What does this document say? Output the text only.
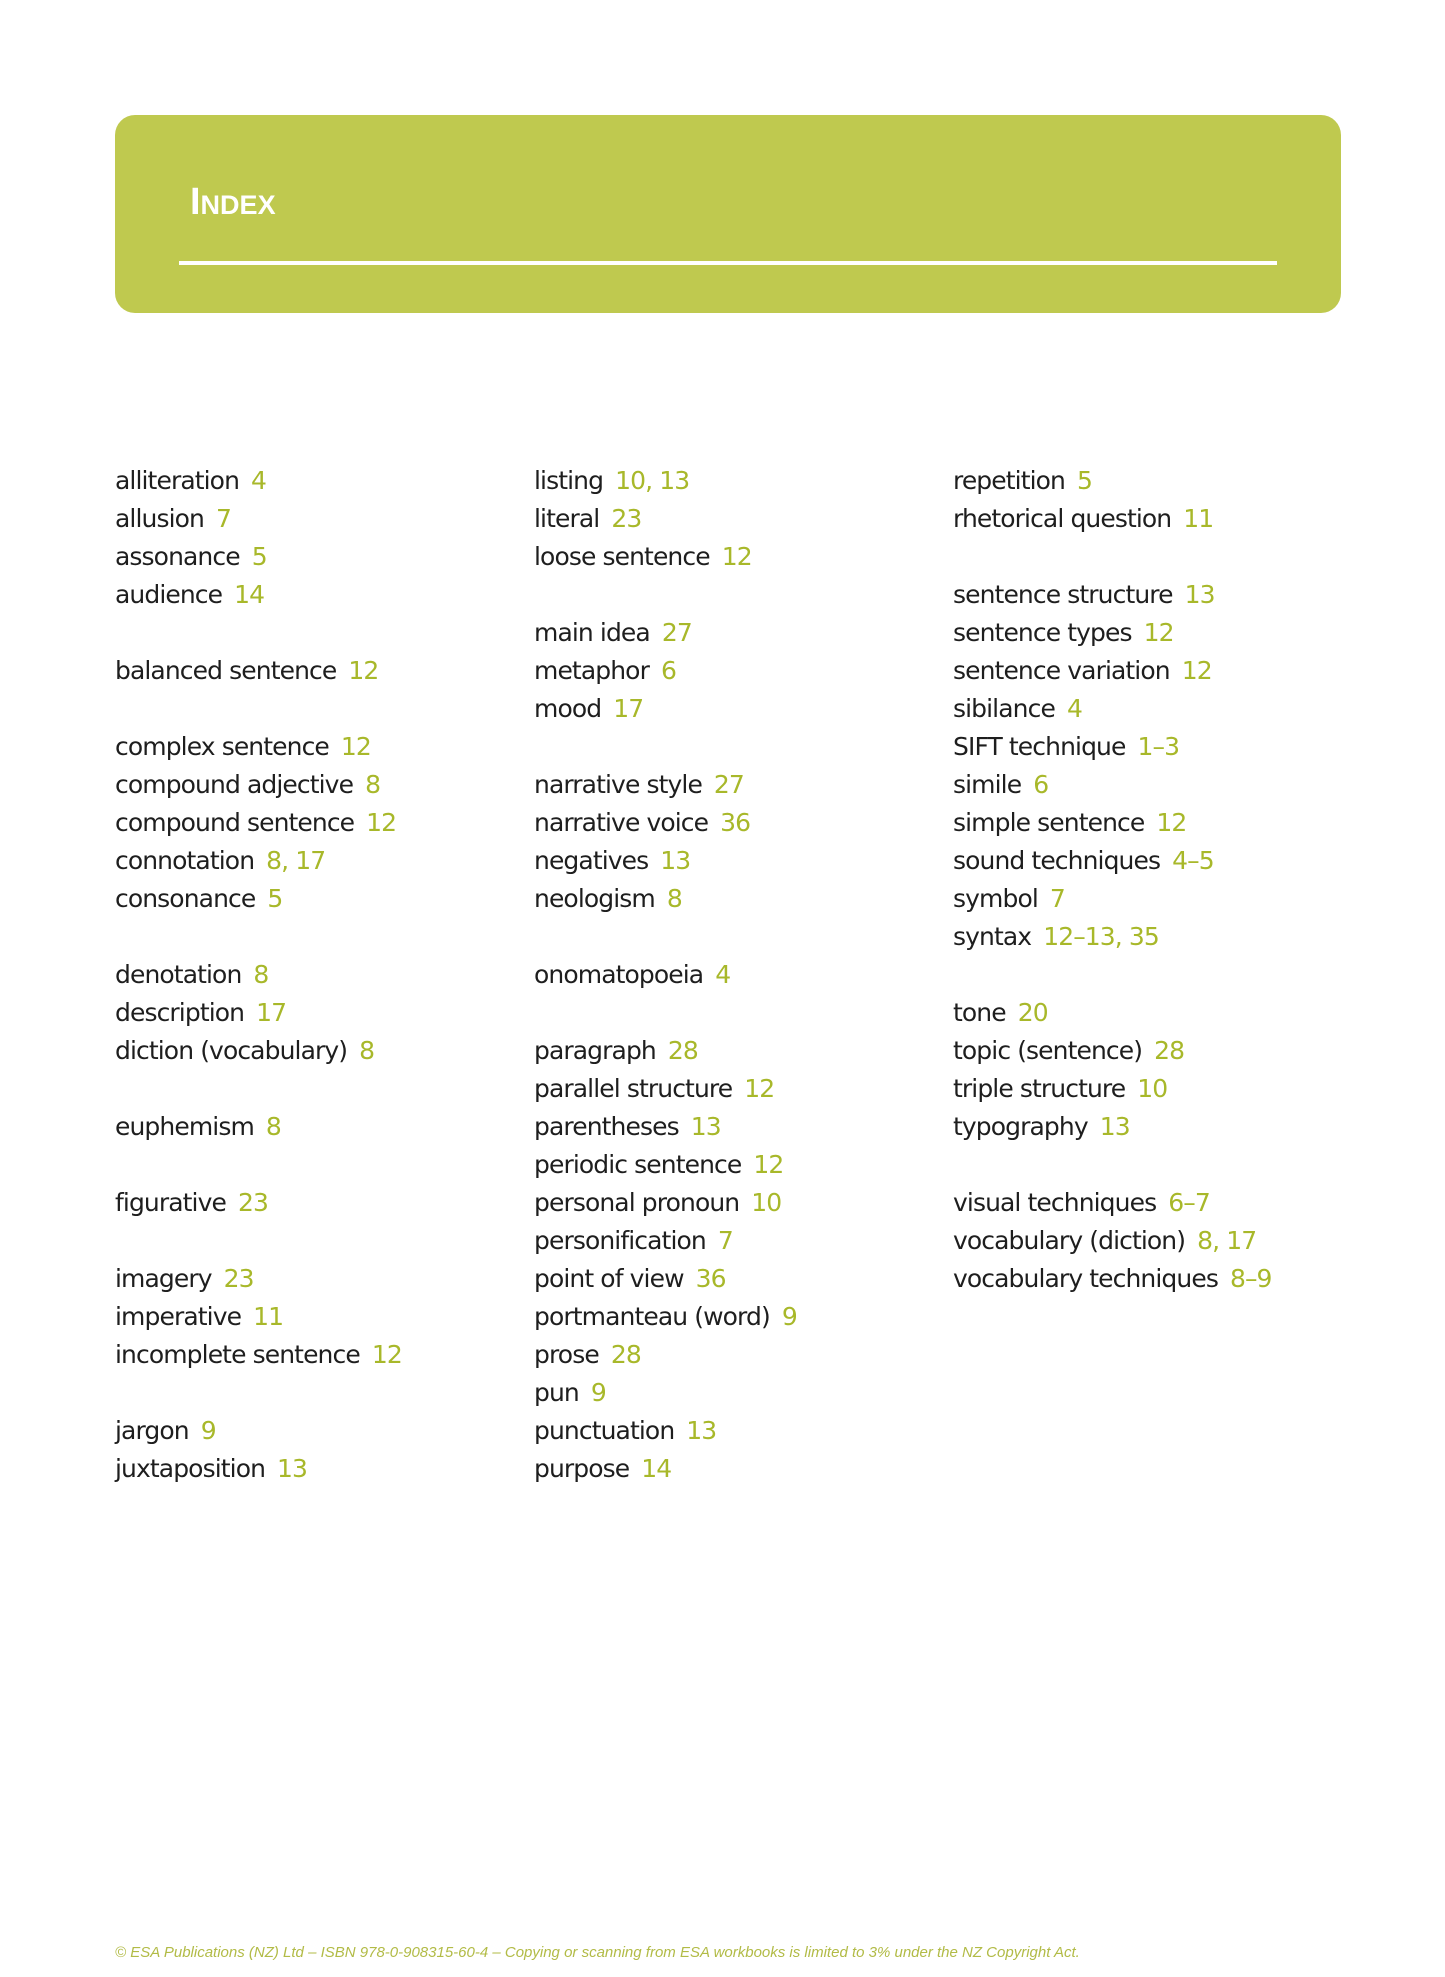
Index
alliteration 4
allusion 7
assonance 5
audience 14
balanced sentence 12
complex sentence 12
compound adjective 8
compound sentence 12
connotation 8, 17
consonance 5
denotation 8
description 17
diction (vocabulary) 8
euphemism 8
figurative 23
imagery 23
imperative 11
incomplete sentence 12
jargon 9
juxtaposition 13
listing 10, 13
literal 23
loose sentence 12
main idea 27
metaphor 6
mood 17
narrative style 27
narrative voice 36
negatives 13
neologism 8
onomatopoeia 4
paragraph 28
parallel structure 12
parentheses 13
periodic sentence 12
personal pronoun 10
personification 7
point of view 36
portmanteau (word) 9
prose 28
pun 9
punctuation 13
purpose 14
repetition 5
rhetorical question 11
sentence structure 13
sentence types 12
sentence variation 12
sibilance 4
SIFT technique 1–3
simile 6
simple sentence 12
sound techniques 4–5
symbol 7
syntax 12–13, 35
tone 20
topic (sentence) 28
triple structure 10
typography 13
visual techniques 6–7
vocabulary (diction) 8, 17
vocabulary techniques 8–9
© ESA Publications (NZ) Ltd – ISBN 978-0-908315-60-4 – Copying or scanning from ESA workbooks is limited to 3% under the NZ Copyright Act.
